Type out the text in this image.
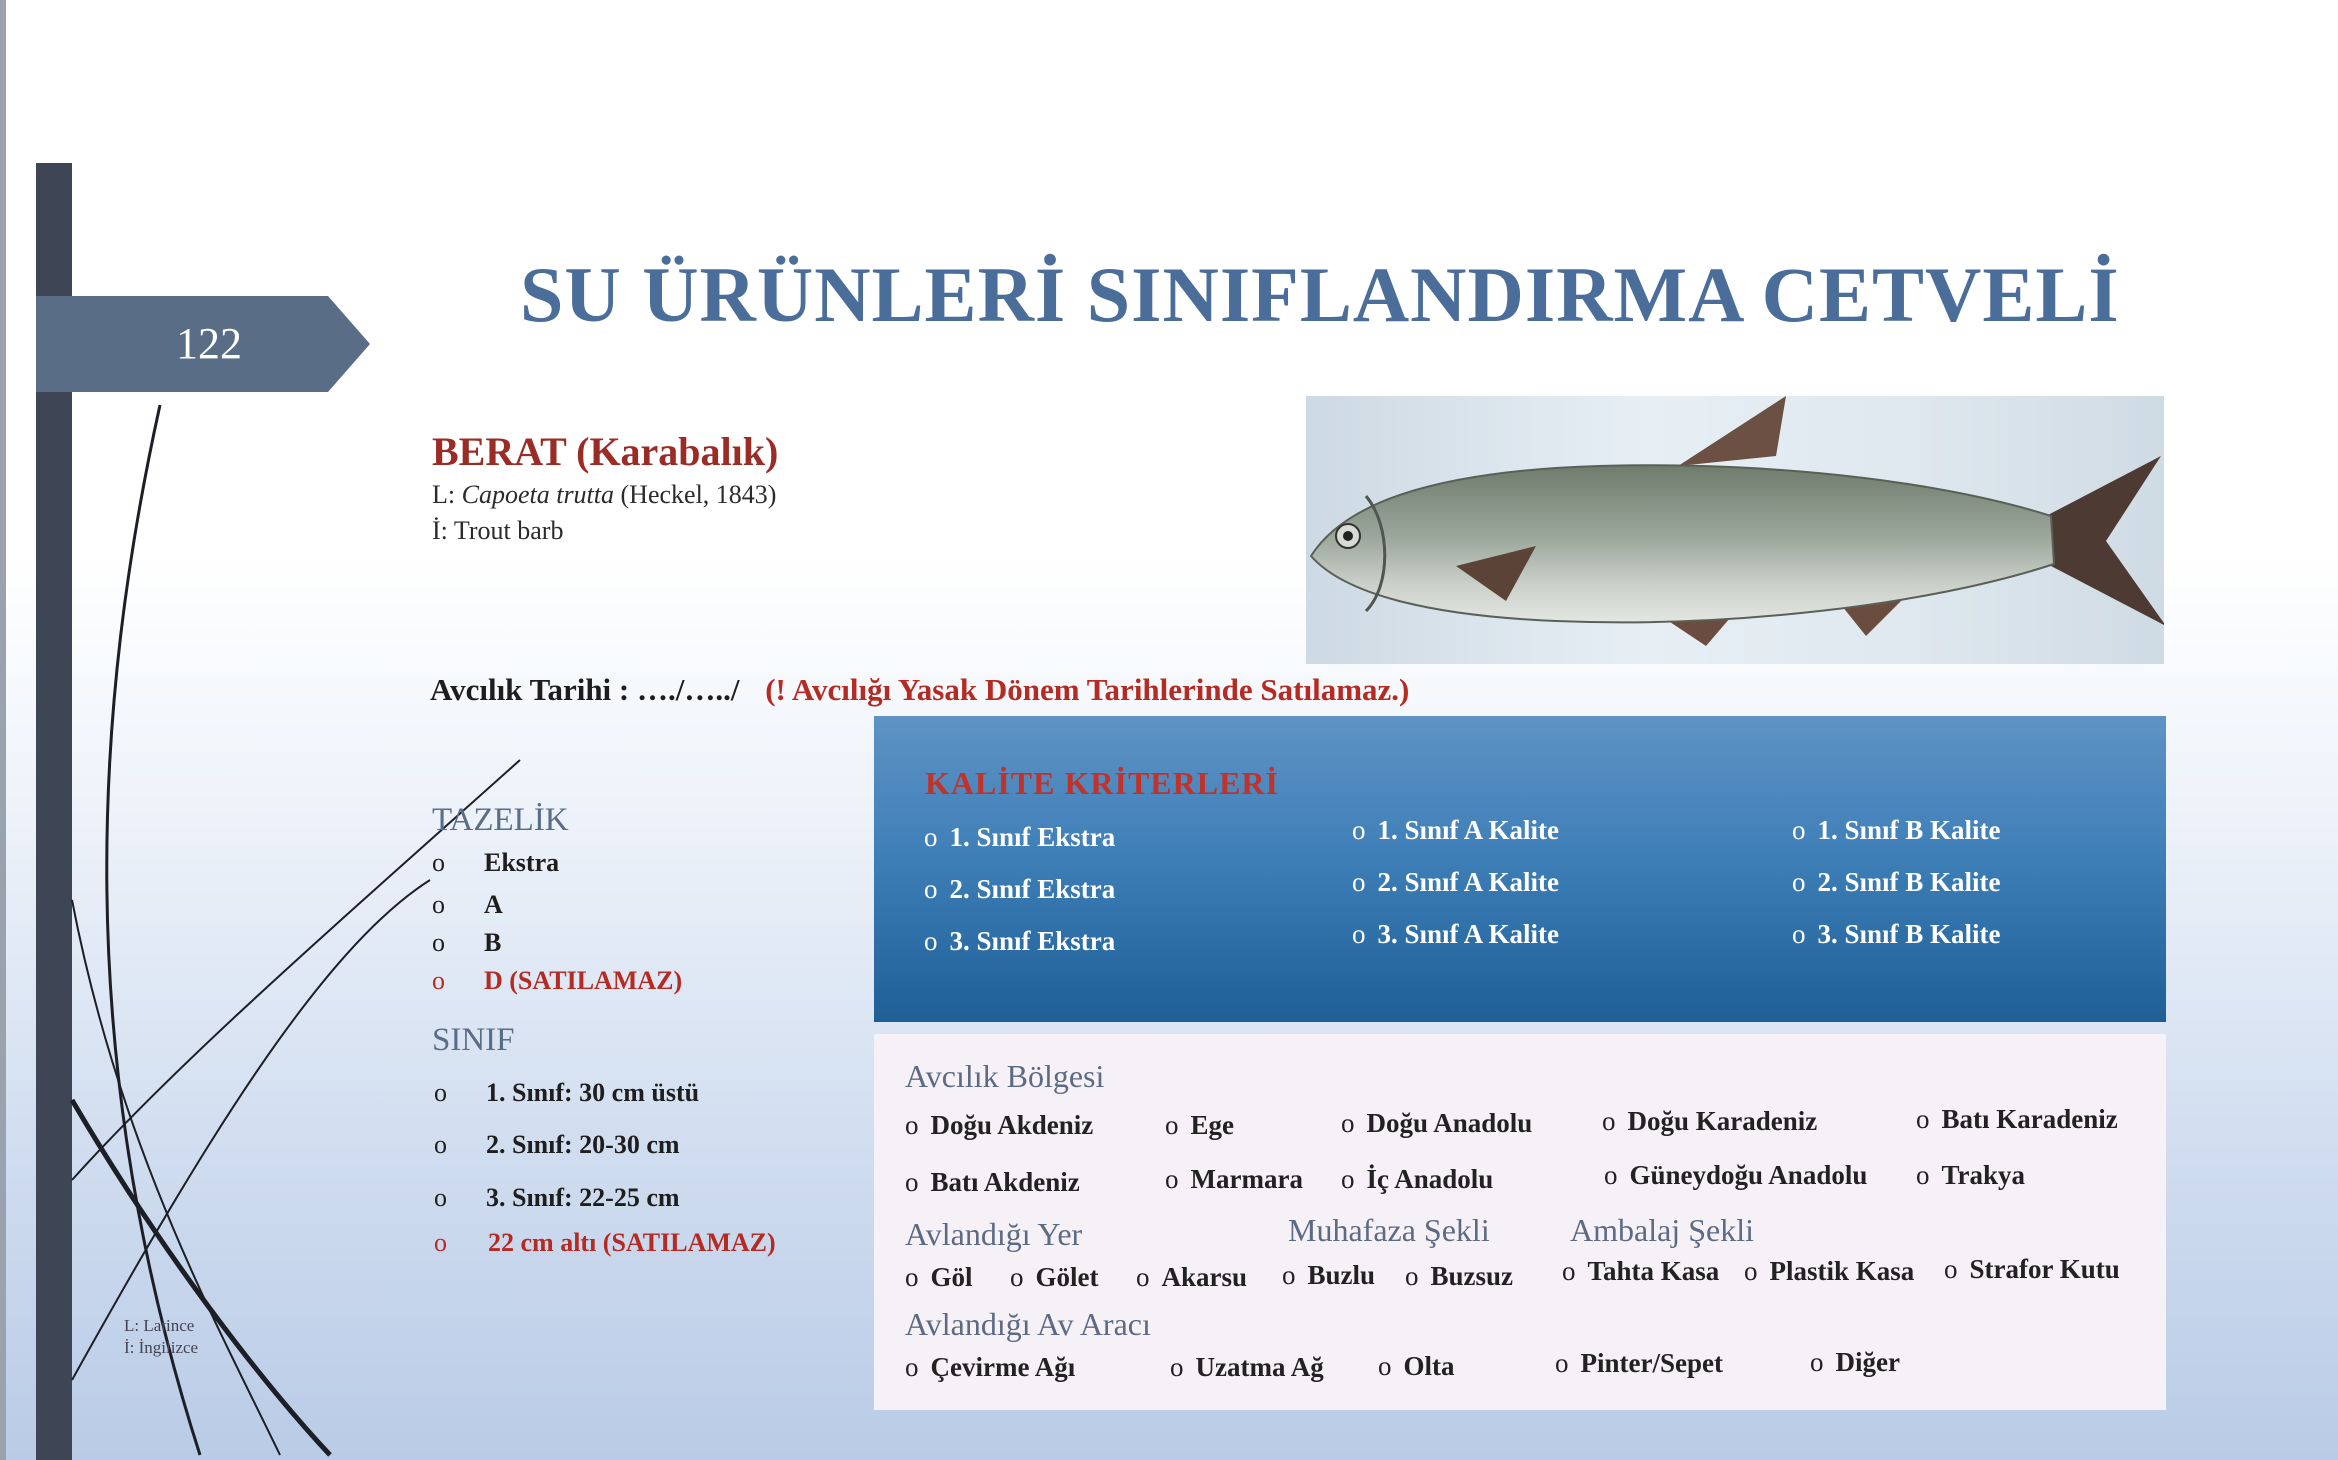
122
SU ÜRÜNLERİ SINIFLANDIRMA CETVELİ
BERAT (Karabalık)
L: Capoeta trutta (Heckel, 1843)
İ: Trout barb
Avcılık Tarihi : …./…../ (! Avcılığı Yasak Dönem Tarihlerinde Satılamaz.)
TAZELİK
o Ekstra
o A
o B
o D (SATILAMAZ)
SINIF
o 1. Sınıf: 30 cm üstü
o 2. Sınıf: 20-30 cm
o 3. Sınıf: 22-25 cm
o 22 cm altı (SATILAMAZ)
KALİTE KRİTERLERİ
o 1. Sınıf Ekstra
o 2. Sınıf Ekstra
o 3. Sınıf Ekstra
o 1. Sınıf A Kalite
o 2. Sınıf A Kalite
o 3. Sınıf A Kalite
o 1. Sınıf B Kalite
o 2. Sınıf B Kalite
o 3. Sınıf B Kalite
Avcılık Bölgesi
o Doğu Akdeniz	o Ege	o Doğu Anadolu	o Doğu Karadeniz	o Batı Karadeniz
o Batı Akdeniz	o Marmara o İç Anadolu	o Güneydoğu Anadolu o Trakya
Avlandığı Yer	Muhafaza Şekli	Ambalaj Şekli
o Göl o Gölet o Akarsu o Buzlu o Buzsuz o Tahta Kasa o Plastik Kasa o Strafor Kutu
Avlandığı Av Aracı
o Çevirme Ağı	o Uzatma Ağ o Olta	o Pinter/Sepet	o Diğer
L: Latince
İ: İngilizce
